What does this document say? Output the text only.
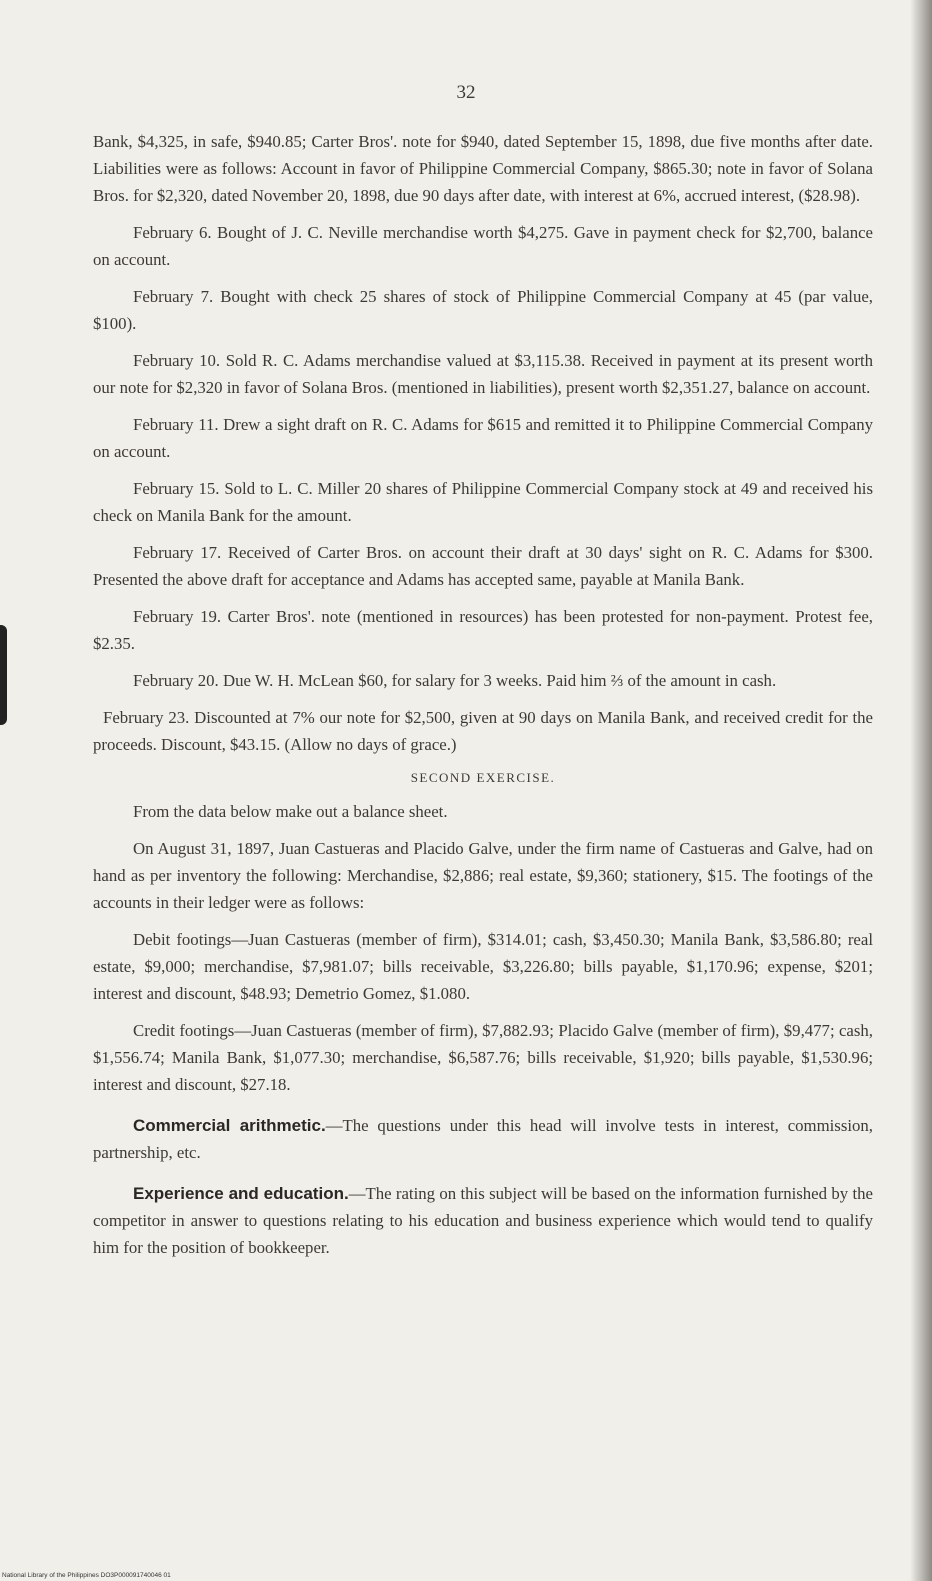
32

Bank, $4,325, in safe, $940.85; Carter Bros'. note for $940, dated September 15, 1898, due five months after date. Liabilities were as follows: Account in favor of Philippine Commercial Company, $865.30; note in favor of Solana Bros. for $2,320, dated November 20, 1898, due 90 days after date, with interest at 6%, accrued interest, ($28.98).

February 6. Bought of J. C. Neville merchandise worth $4,275. Gave in payment check for $2,700, balance on account.

February 7. Bought with check 25 shares of stock of Philippine Commercial Company at 45 (par value, $100).

February 10. Sold R. C. Adams merchandise valued at $3,115.38. Received in payment at its present worth our note for $2,320 in favor of Solana Bros. (mentioned in liabilities), present worth $2,351.27, balance on account.

February 11. Drew a sight draft on R. C. Adams for $615 and remitted it to Philippine Commercial Company on account.

February 15. Sold to L. C. Miller 20 shares of Philippine Commercial Company stock at 49 and received his check on Manila Bank for the amount.

February 17. Received of Carter Bros. on account their draft at 30 days' sight on R. C. Adams for $300. Presented the above draft for acceptance and Adams has accepted same, payable at Manila Bank.

February 19. Carter Bros'. note (mentioned in resources) has been protested for non-payment. Protest fee, $2.35.

February 20. Due W. H. McLean $60, for salary for 3 weeks. Paid him ⅔ of the amount in cash.

February 23. Discounted at 7% our note for $2,500, given at 90 days on Manila Bank, and received credit for the proceeds. Discount, $43.15. (Allow no days of grace.)

SECOND EXERCISE.

From the data below make out a balance sheet.

On August 31, 1897, Juan Castueras and Placido Galve, under the firm name of Castueras and Galve, had on hand as per inventory the following: Merchandise, $2,886; real estate, $9,360; stationery, $15. The footings of the accounts in their ledger were as follows:

Debit footings—Juan Castueras (member of firm), $314.01; cash, $3,450.30; Manila Bank, $3,586.80; real estate, $9,000; merchandise, $7,981.07; bills receivable, $3,226.80; bills payable, $1,170.96; expense, $201; interest and discount, $48.93; Demetrio Gomez, $1.080.

Credit footings—Juan Castueras (member of firm), $7,882.93; Placido Galve (member of firm), $9,477; cash, $1,556.74; Manila Bank, $1,077.30; merchandise, $6,587.76; bills receivable, $1,920; bills payable, $1,530.96; interest and discount, $27.18.

Commercial arithmetic.—The questions under this head will involve tests in interest, commission, partnership, etc.

Experience and education.—The rating on this subject will be based on the information furnished by the competitor in answer to questions relating to his education and business experience which would tend to qualify him for the position of bookkeeper.

National Library of the Philippines DO3P000091740046 01
